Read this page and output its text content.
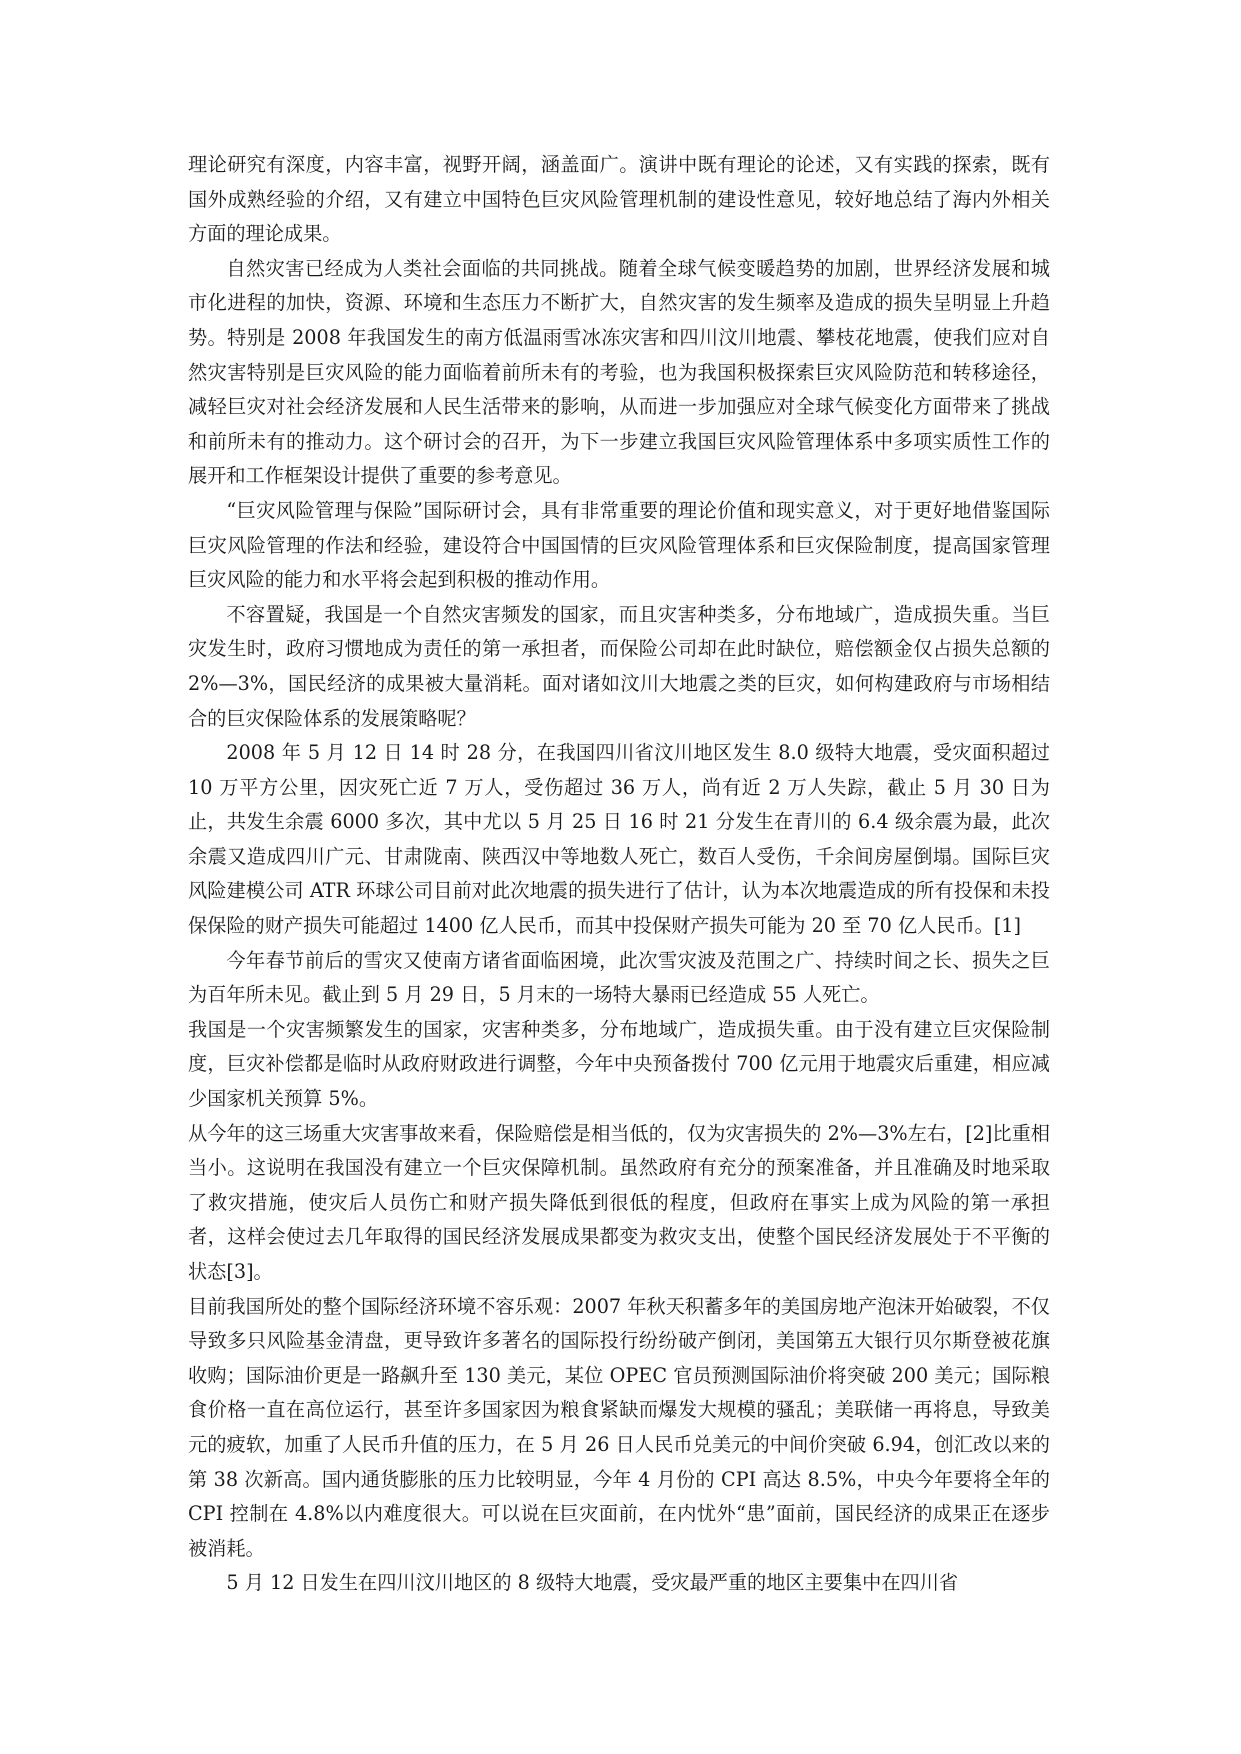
理论研究有深度，内容丰富，视野开阔，涵盖面广。演讲中既有理论的论述，又有实践的探索，既有国外成熟经验的介绍，又有建立中国特色巨灾风险管理机制的建设性意见，较好地总结了海内外相关方面的理论成果。

自然灾害已经成为人类社会面临的共同挑战。随着全球气候变暖趋势的加剧，世界经济发展和城市化进程的加快，资源、环境和生态压力不断扩大，自然灾害的发生频率及造成的损失呈明显上升趋势。特别是 2008 年我国发生的南方低温雨雪冰冻灾害和四川汶川地震、攀枝花地震，使我们应对自然灾害特别是巨灾风险的能力面临着前所未有的考验，也为我国积极探索巨灾风险防范和转移途径，减轻巨灾对社会经济发展和人民生活带来的影响，从而进一步加强应对全球气候变化方面带来了挑战和前所未有的推动力。这个研讨会的召开，为下一步建立我国巨灾风险管理体系中多项实质性工作的展开和工作框架设计提供了重要的参考意见。

“巨灾风险管理与保险”国际研讨会，具有非常重要的理论价值和现实意义，对于更好地借鉴国际巨灾风险管理的作法和经验，建设符合中国国情的巨灾风险管理体系和巨灾保险制度，提高国家管理巨灾风险的能力和水平将会起到积极的推动作用。

不容置疑，我国是一个自然灾害频发的国家，而且灾害种类多，分布地域广，造成损失重。当巨灾发生时，政府习惯地成为责任的第一承担者，而保险公司却在此时缺位，赔偿额金仅占损失总额的 2%—3%，国民经济的成果被大量消耗。面对诸如汶川大地震之类的巨灾，如何构建政府与市场相结合的巨灾保险体系的发展策略呢？

2008 年 5 月 12 日 14 时 28 分，在我国四川省汶川地区发生 8.0 级特大地震，受灾面积超过 10 万平方公里，因灾死亡近 7 万人，受伤超过 36 万人，尚有近 2 万人失踪，截止 5 月 30 日为止，共发生余震 6000 多次，其中尤以 5 月 25 日 16 时 21 分发生在青川的 6.4 级余震为最，此次余震又造成四川广元、甘肃陇南、陕西汉中等地数人死亡，数百人受伤，千余间房屋倒塌。国际巨灾风险建模公司 ATR 环球公司目前对此次地震的损失进行了估计，认为本次地震造成的所有投保和未投保保险的财产损失可能超过 1400 亿人民币，而其中投保财产损失可能为 20 至 70 亿人民币。[1]

今年春节前后的雪灾又使南方诸省面临困境，此次雪灾波及范围之广、持续时间之长、损失之巨为百年所未见。截止到 5 月 29 日，5 月末的一场特大暴雨已经造成 55 人死亡。

我国是一个灾害频繁发生的国家，灾害种类多，分布地域广，造成损失重。由于没有建立巨灾保险制度，巨灾补偿都是临时从政府财政进行调整，今年中央预备拨付 700 亿元用于地震灾后重建，相应减少国家机关预算 5%。

从今年的这三场重大灾害事故来看，保险赔偿是相当低的，仅为灾害损失的 2%—3%左右，[2]比重相当小。这说明在我国没有建立一个巨灾保障机制。虽然政府有充分的预案准备，并且准确及时地采取了救灾措施，使灾后人员伤亡和财产损失降低到很低的程度，但政府在事实上成为风险的第一承担者，这样会使过去几年取得的国民经济发展成果都变为救灾支出，使整个国民经济发展处于不平衡的状态[3]。

目前我国所处的整个国际经济环境不容乐观：2007 年秋天积蓄多年的美国房地产泡沫开始破裂，不仅导致多只风险基金清盘，更导致许多著名的国际投行纷纷破产倒闭，美国第五大银行贝尔斯登被花旗收购；国际油价更是一路飙升至 130 美元，某位 OPEC 官员预测国际油价将突破 200 美元；国际粮食价格一直在高位运行，甚至许多国家因为粮食紧缺而爆发大规模的骚乱；美联储一再将息，导致美元的疲软，加重了人民币升值的压力，在 5 月 26 日人民币兑美元的中间价突破 6.94，创汇改以来的第 38 次新高。国内通货膨胀的压力比较明显，今年 4 月份的 CPI 高达 8.5%，中央今年要将全年的 CPI 控制在 4.8%以内难度很大。可以说在巨灾面前，在内忧外“患”面前，国民经济的成果正在逐步被消耗。

5 月 12 日发生在四川汶川地区的 8 级特大地震，受灾最严重的地区主要集中在四川省
